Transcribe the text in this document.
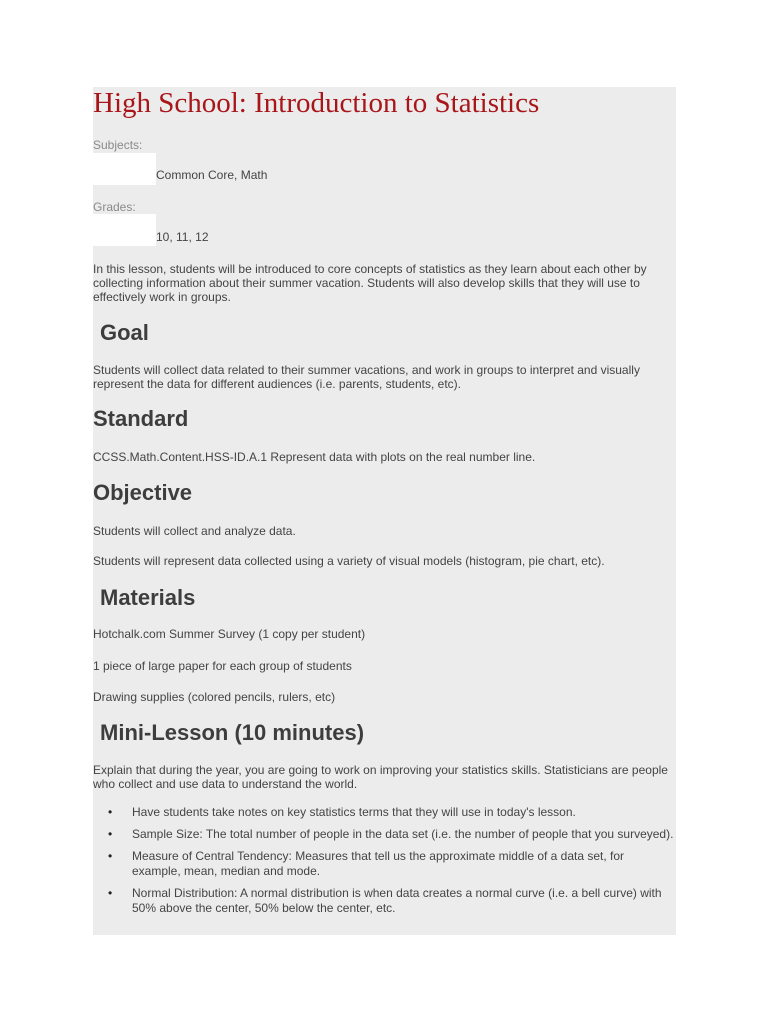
High School: Introduction to Statistics
Subjects:
Common Core, Math
Grades:
10, 11, 12

In this lesson, students will be introduced to core concepts of statistics as they learn about each other by collecting information about their summer vacation. Students will also develop skills that they will use to effectively work in groups.

Goal

Students will collect data related to their summer vacations, and work in groups to interpret and visually represent the data for different audiences (i.e. parents, students, etc).

Standard

CCSS.Math.Content.HSS-ID.A.1 Represent data with plots on the real number line.

Objective

Students will collect and analyze data.

Students will represent data collected using a variety of visual models (histogram, pie chart, etc).

Materials

Hotchalk.com Summer Survey (1 copy per student)

1 piece of large paper for each group of students

Drawing supplies (colored pencils, rulers, etc)

Mini-Lesson (10 minutes)

Explain that during the year, you are going to work on improving your statistics skills. Statisticians are people who collect and use data to understand the world.

• Have students take notes on key statistics terms that they will use in today's lesson.
• Sample Size: The total number of people in the data set (i.e. the number of people that you surveyed).
• Measure of Central Tendency: Measures that tell us the approximate middle of a data set, for example, mean, median and mode.
• Normal Distribution: A normal distribution is when data creates a normal curve (i.e. a bell curve) with 50% above the center, 50% below the center, etc.
